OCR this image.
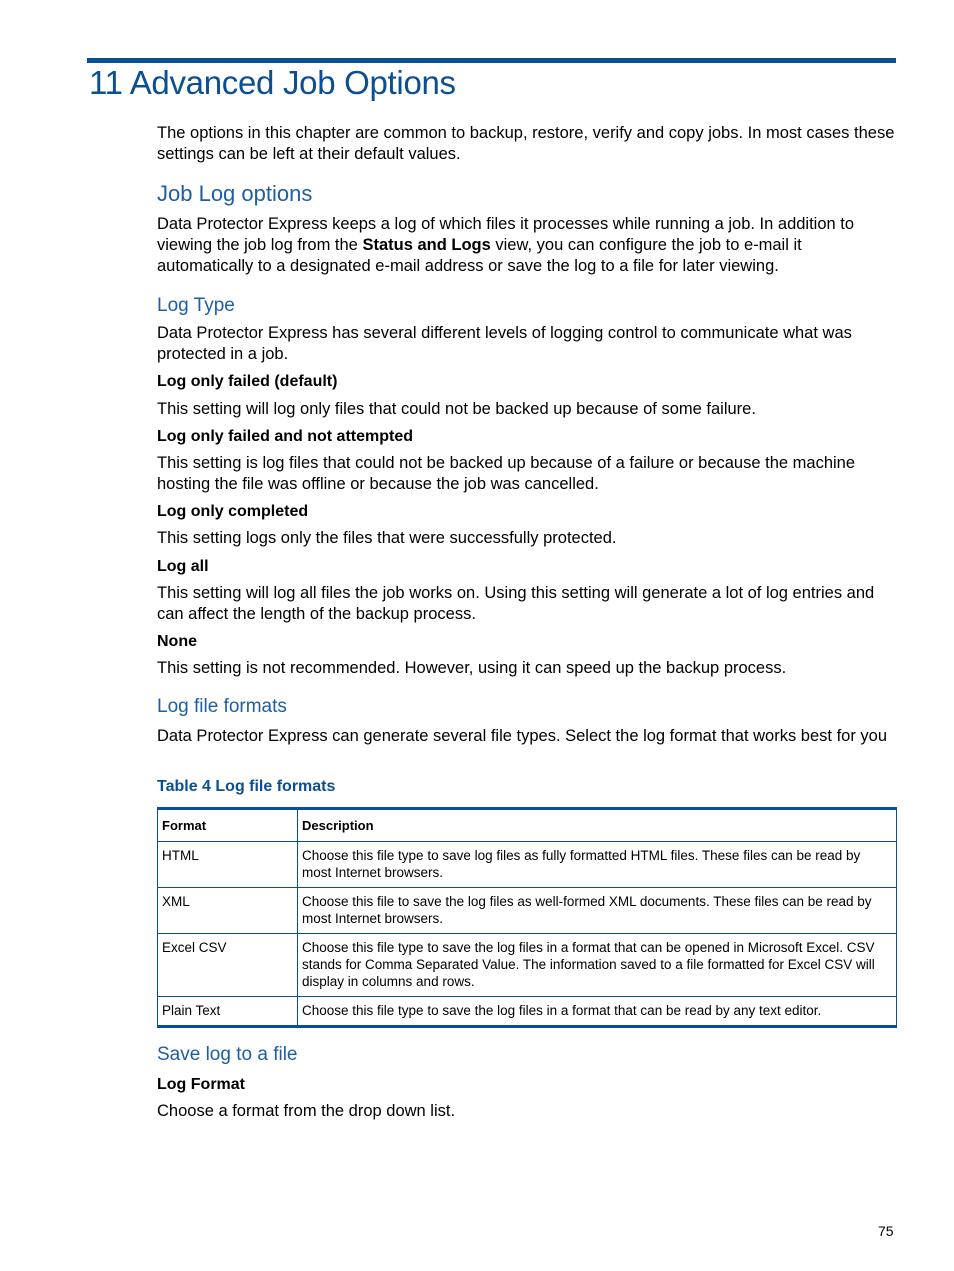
11 Advanced Job Options

The options in this chapter are common to backup, restore, verify and copy jobs. In most cases these settings can be left at their default values.

Job Log options

Data Protector Express keeps a log of which files it processes while running a job. In addition to viewing the job log from the Status and Logs view, you can configure the job to e-mail it automatically to a designated e-mail address or save the log to a file for later viewing.

Log Type

Data Protector Express has several different levels of logging control to communicate what was protected in a job.

Log only failed (default)

This setting will log only files that could not be backed up because of some failure.

Log only failed and not attempted

This setting is log files that could not be backed up because of a failure or because the machine hosting the file was offline or because the job was cancelled.

Log only completed

This setting logs only the files that were successfully protected.

Log all

This setting will log all files the job works on. Using this setting will generate a lot of log entries and can affect the length of the backup process.

None

This setting is not recommended. However, using it can speed up the backup process.

Log file formats

Data Protector Express can generate several file types. Select the log format that works best for you

Table 4 Log file formats
Format	Description
HTML	Choose this file type to save log files as fully formatted HTML files. These files can be read by most Internet browsers.
XML	Choose this file to save the log files as well-formed XML documents. These files can be read by most Internet browsers.
Excel CSV	Choose this file type to save the log files in a format that can be opened in Microsoft Excel. CSV stands for Comma Separated Value. The information saved to a file formatted for Excel CSV will display in columns and rows.
Plain Text	Choose this file type to save the log files in a format that can be read by any text editor.
Save log to a file
Log Format

Choose a format from the drop down list.

75
